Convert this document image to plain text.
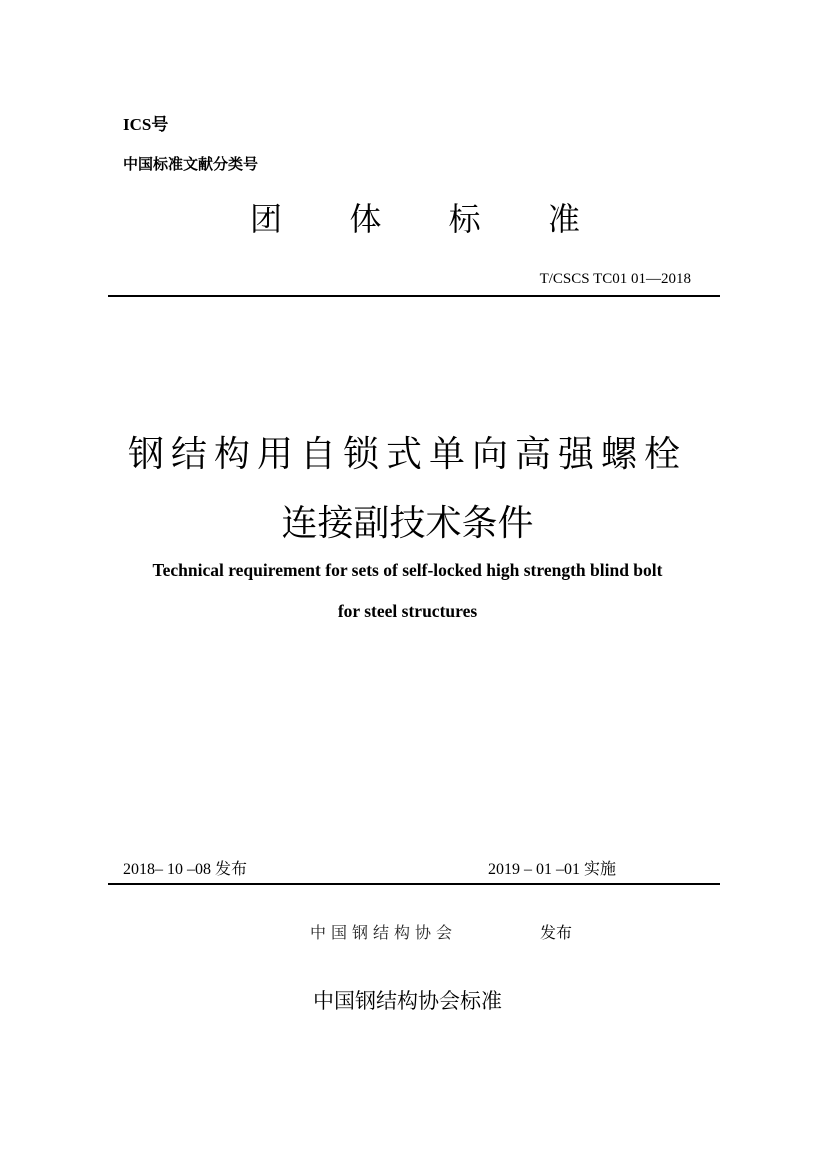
ICS号
中国标准文献分类号
团 体 标 准
T/CSCS TC01 01—2018
钢结构用自锁式单向高强螺栓
连接副技术条件
Technical requirement for sets of self-locked high strength blind bolt
for steel structures
2018– 10 –08 发布	2019 – 01 –01 实施
中国钢结构协会	发布
中国钢结构协会标准
